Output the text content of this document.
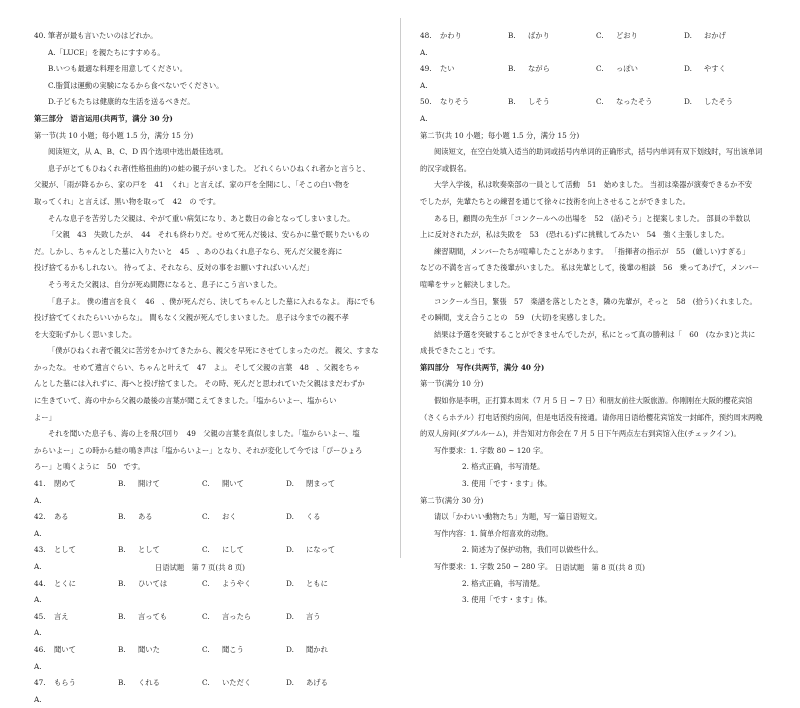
40. 筆者が最も言いたいのはどれか。
A.「LUCE」を親たちにすすめる。
B.いつも最適な料理を用意してください。
C.脂質は運動の実験になるから食べないでください。
D.子どもたちは健康的な生活を送るべきだ。
第三部分　语言运用(共两节，满分 30 分)
第一节(共 10 小题；每小题 1.5 分，满分 15 分)
阅读短文，从 A、B、C、D 四个选项中选出最佳选项。
息子がとてもひねくれ者(性格扭曲的)の蛙の親子がいました。 どれくらいひねくれ者かと言うと、
父親が、「雨が降るから、家の戸を　41　くれ」と言えば、家の戸を全開にし、「そこの白い物を
取ってくれ」と言えば、黒い物を取って　42　の です。
そんな息子を苦労した父親は、やがて重い病気になり、あと数日の命となってしまいました。
「父親　43　失敗したが、　44　それも終わりだ。せめて死んだ後は、安らかに墓で眠りたいもの
だ。しかし、ちゃんとした墓に入りたいと　45　、あのひねくれ息子なら、死んだ父親を海に
投げ捨てるかもしれない。 待ってよ、それなら、反対の事をお願いすればいいんだ」
そう考えた父親は、自分が死ぬ間際になると、息子にこう言いました。
「息子よ。 僕の遺言を良く　46　、僕が死んだら、決してちゃんとした墓に入れるなよ。 海にでも
投げ捨ててくれたらいいからな」。 間もなく父親が死んでしまいました。 息子は今までの親不孝
を大変恥ずかしく思いました。
「僕がひねくれ者で親父に苦労をかけてきたから、親父を早死にさせてしまったのだ。 親父、すまな
かったな。 せめて遺言ぐらい、ちゃんと叶えて　47　よ」。 そして父親の言葉　48　、父親をちゃ
んとした墓には入れずに、海へと投げ捨てました。 その時、死んだと思われていた父親はまだわずか
に生きていて、海の中から父親の最後の言葉が聞こえてきました。「塩からいよー、塩からい
よー」
それを聞いた息子も、海の上を飛び回り　49　父親の言葉を真似しました。「塩からいよー、塩
からいよー」この時から蛙の鳴き声は「塩からいよー」となり、それが変化して今では「ぴーひょろ
ろー」と鳴くように　50　です。
41. A.
閉めて	B.	開けて	C.	開いて	D.	閉まって
42. A.
ある	B.	ある	C.	おく	D.	くる
43. A.
として	B.	として	C.	にして	D.	になって
44. A.
とくに	B.	ひいては	C.	ようやく	D.	ともに
45. A.
言え	B.	言っても	C.	言ったら	D.	言う
46. A.
聞いて	B.	聞いた	C.	聞こう	D.	聞かれ
47. A.
もらう	B.	くれる	C.	いただく	D.	あげる
48. A.
かわり	B.	ばかり	C.	どおり	D.	おかげ
49. A.
たい	B.	ながら	C.	っぽい	D.	やすく
50. A.
なりそう	B.	しそう	C.	なったそう	D.	したそう
第二节(共 10 小题；每小题 1.5 分，满分 15 分)
阅读短文，在空白处填入适当的助词或括号内单词的正确形式，括号内单词有双下划线时，写出该单词
的汉字或假名。
大学入学後，私は吹奏楽部の一員として活動　51　始めました。 当初は楽器が演奏できるか不安
でしたが，先輩たちとの練習を通じて徐々に技術を向上させることができました。
ある日，顧問の先生が「コンクールへの出場を　52　(話)そう」と提案しました。 部員の半数以
上に反対されたが，私は失敗を　53　(恐れる)ずに挑戦してみたい　54　強く主張しました。
練習期間，メンバーたちが喧嘩したことがあります。 「指揮者の指示が　55　(厳しい)すぎる」
などの不満を言ってきた後輩がいました。 私は先輩として，後輩の相談　56　乗ってあげて，メンバー
喧嘩をサッと解決しました。
コンクール当日，緊張　57　楽譜を落としたとき，隣の先輩が，そっと　58　(拾う)くれました。
その瞬間，支え合うことの　59　(大切)を実感しました。
結果は予選を突破することができませんでしたが，私にとって真の勝利は「　60　(なかま)と共に
成長できたこと」です。
第四部分　写作(共两节，满分 40 分)
第一节(满分 10 分)
假如你是李明，正打算本周末（7 月 5 日 ~ 7 日）和朋友前往大阪旅游。你刚刚在大阪的樱花宾馆
（さくらホテル）打电话预约房间，但是电话没有接通。请你用日语给樱花宾馆发一封邮件，预约周末两晚
的双人房间(ダブルルーム)，并告知对方你会在 7 月 5 日下午两点左右到宾馆入住(チェックイン)。
写作要求：1. 字数 80 ~ 120 字。
2. 格式正确，书写清楚。
3. 使用「です・ます」体。
第二节(满分 30 分)
请以「かわいい動物たち」为题，写一篇日语短文。
写作内容：1. 简单介绍喜欢的动物。
2. 简述为了保护动物，我们可以做些什么。
写作要求：1. 字数 250 ~ 280 字。
2. 格式正确，书写清楚。
3. 使用「です・ます」体。
日语试题　第 7 页(共 8 页)	日语试题　第 8 页(共 8 页)
